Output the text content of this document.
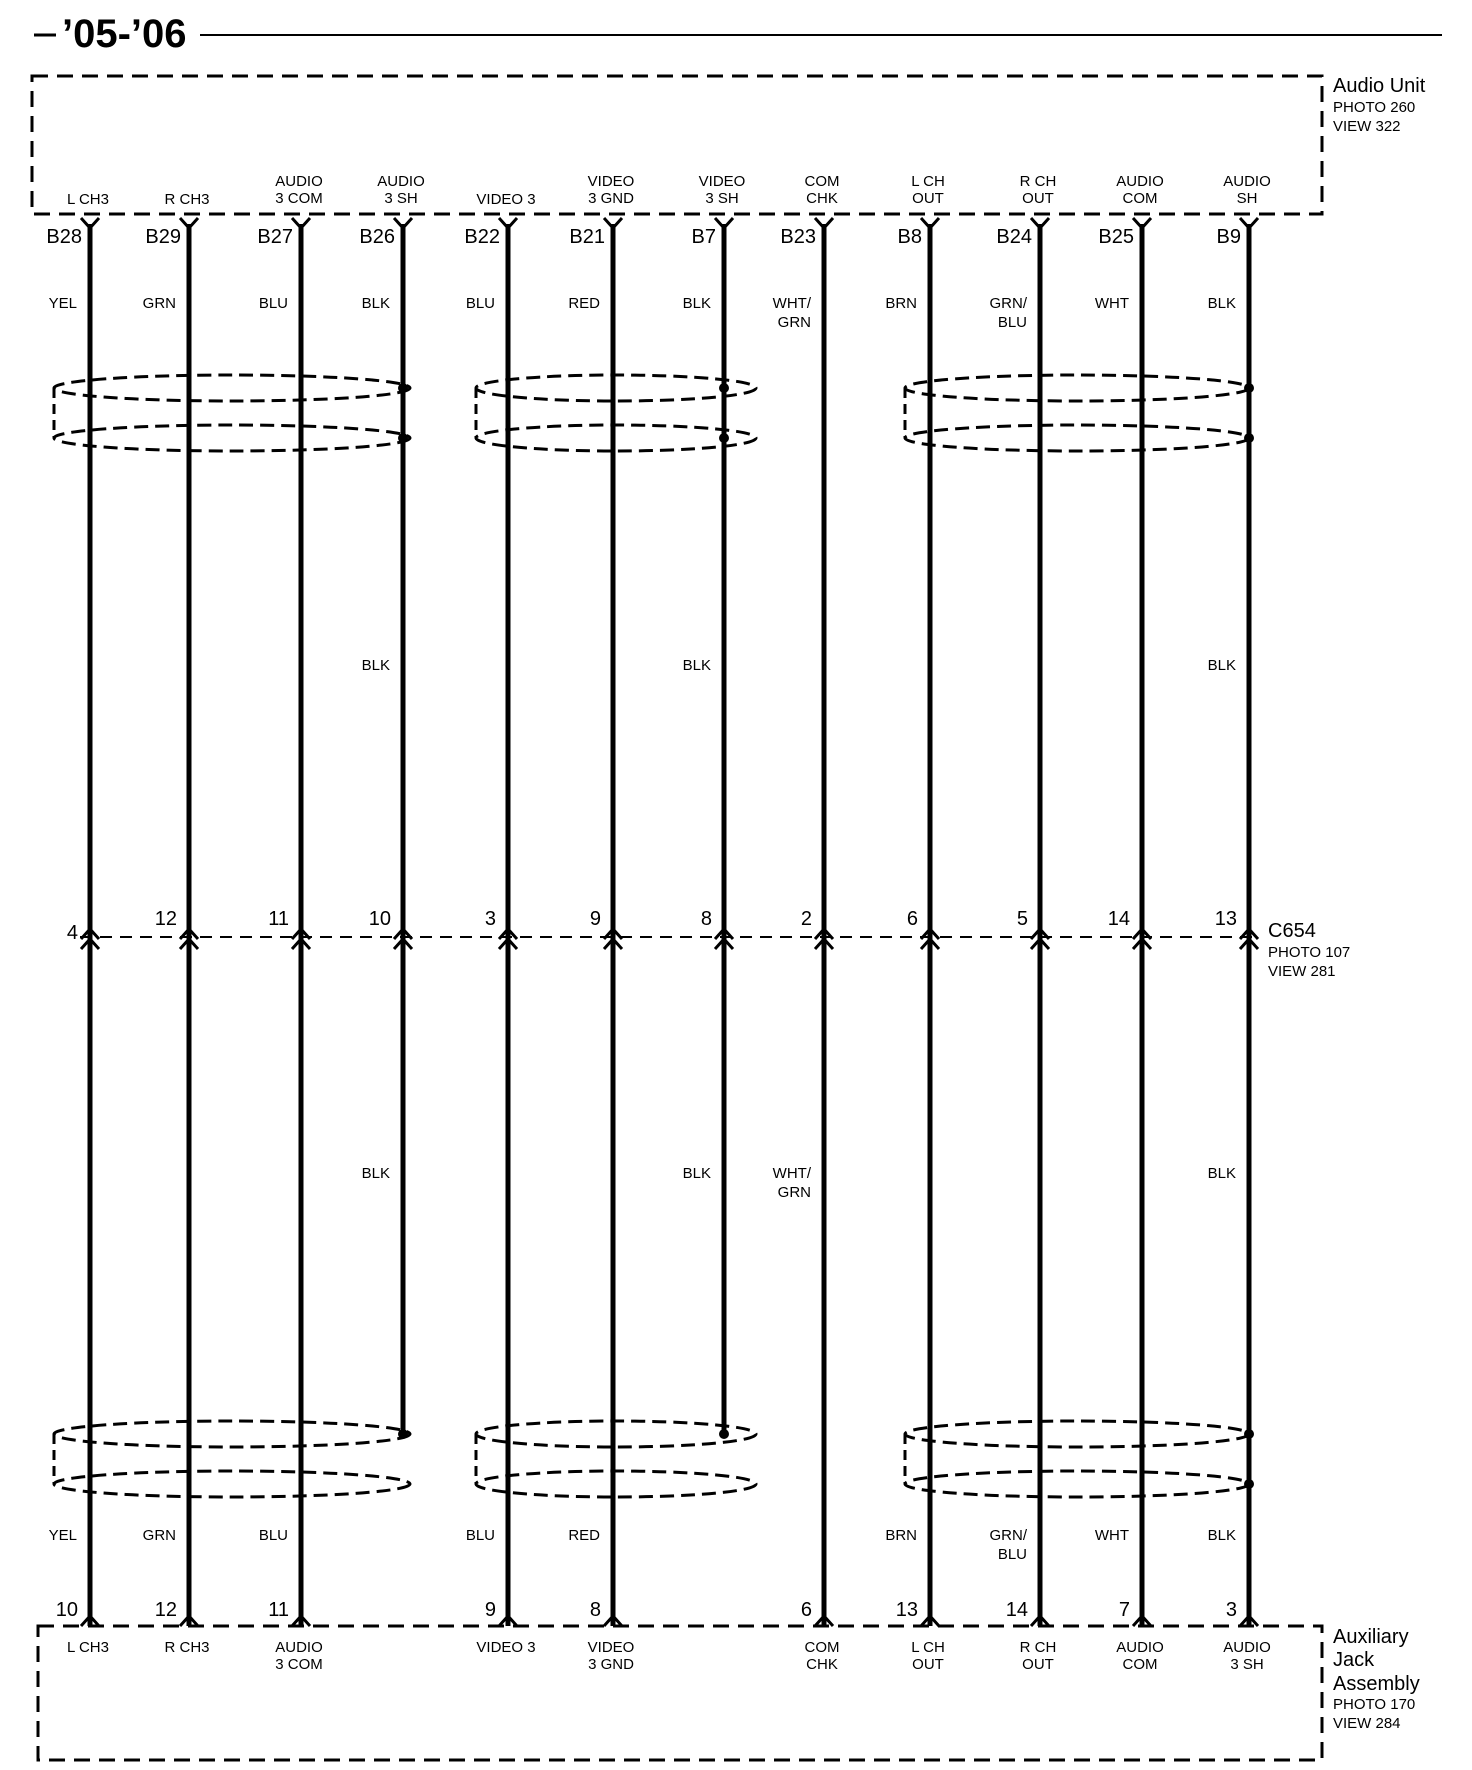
’05-’06
Audio Unit
PHOTO 260
VIEW 322
Auxiliary
Jack
Assembly
PHOTO 170
VIEW 284
C654
PHOTO 107
VIEW 281
L CH3
B28
YEL
YEL
4
10
L CH3
R CH3
B29
GRN
GRN
12
12
R CH3
AUDIO
3 COM
B27
BLU
BLU
11
11
AUDIO
3 COM
AUDIO
3 SH
B26
BLK
BLK
BLK
10
VIDEO 3
B22
BLU
BLU
3
9
VIDEO 3
VIDEO
3 GND
B21
RED
RED
9
8
VIDEO
3 GND
VIDEO
3 SH
B7
BLK
BLK
BLK
8
COM
CHK
B23
WHT/
GRN
WHT/
GRN
2
6
COM
CHK
L CH
OUT
B8
BRN
BRN
6
13
L CH
OUT
R CH
OUT
B24
GRN/
BLU
GRN/
BLU
5
14
R CH
OUT
AUDIO
COM
B25
WHT
WHT
14
7
AUDIO
COM
AUDIO
SH
B9
BLK
BLK
BLK
BLK
13
3
AUDIO
3 SH
